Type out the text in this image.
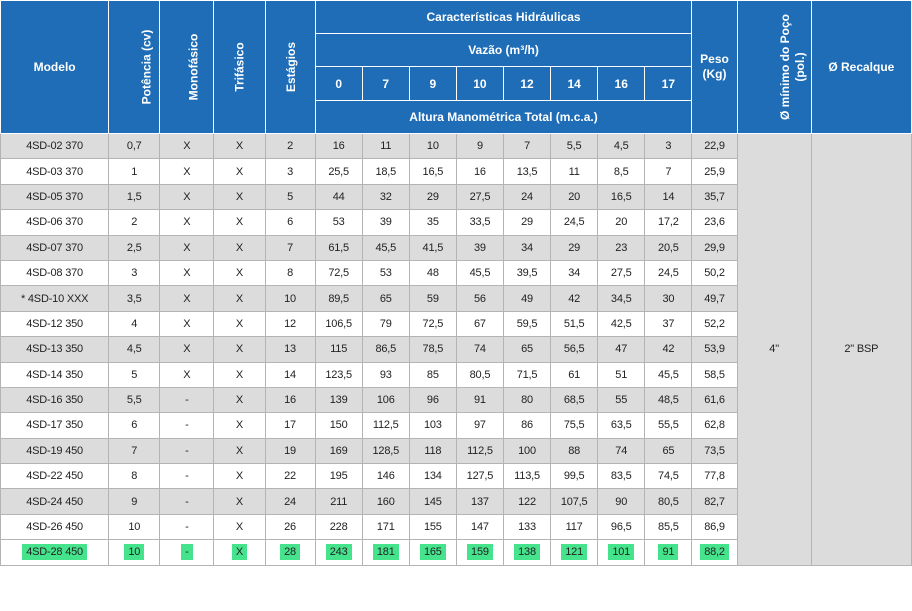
Modelo	Potência (cv)	Monofásico	Trifásico	Estágios	Características Hidráulicas								Peso (Kg)	Ø mínimo do Poço (pol.)	Ø Recalque
					Vazão (m³/h)										
					0	7	9	10	12	14	16	17			
					Altura Manométrica Total (m.c.a.)										
4SD-02 370	0,7	X	X	2	16	11	10	9	7	5,5	4,5	3	22,9	4"	2" BSP
4SD-03 370	1	X	X	3	25,5	18,5	16,5	16	13,5	11	8,5	7	25,9		
4SD-05 370	1,5	X	X	5	44	32	29	27,5	24	20	16,5	14	35,7		
4SD-06 370	2	X	X	6	53	39	35	33,5	29	24,5	20	17,2	23,6		
4SD-07 370	2,5	X	X	7	61,5	45,5	41,5	39	34	29	23	20,5	29,9		
4SD-08 370	3	X	X	8	72,5	53	48	45,5	39,5	34	27,5	24,5	50,2		
* 4SD-10 XXX	3,5	X	X	10	89,5	65	59	56	49	42	34,5	30	49,7		
4SD-12 350	4	X	X	12	106,5	79	72,5	67	59,5	51,5	42,5	37	52,2		
4SD-13 350	4,5	X	X	13	115	86,5	78,5	74	65	56,5	47	42	53,9		
4SD-14 350	5	X	X	14	123,5	93	85	80,5	71,5	61	51	45,5	58,5		
4SD-16 350	5,5	-	X	16	139	106	96	91	80	68,5	55	48,5	61,6		
4SD-17 350	6	-	X	17	150	112,5	103	97	86	75,5	63,5	55,5	62,8		
4SD-19 450	7	-	X	19	169	128,5	118	112,5	100	88	74	65	73,5		
4SD-22 450	8	-	X	22	195	146	134	127,5	113,5	99,5	83,5	74,5	77,8		
4SD-24 450	9	-	X	24	211	160	145	137	122	107,5	90	80,5	82,7		
4SD-26 450	10	-	X	26	228	171	155	147	133	117	96,5	85,5	86,9		
4SD-28 450	10	-	X	28	243	181	165	159	138	121	101	91	88,2		
